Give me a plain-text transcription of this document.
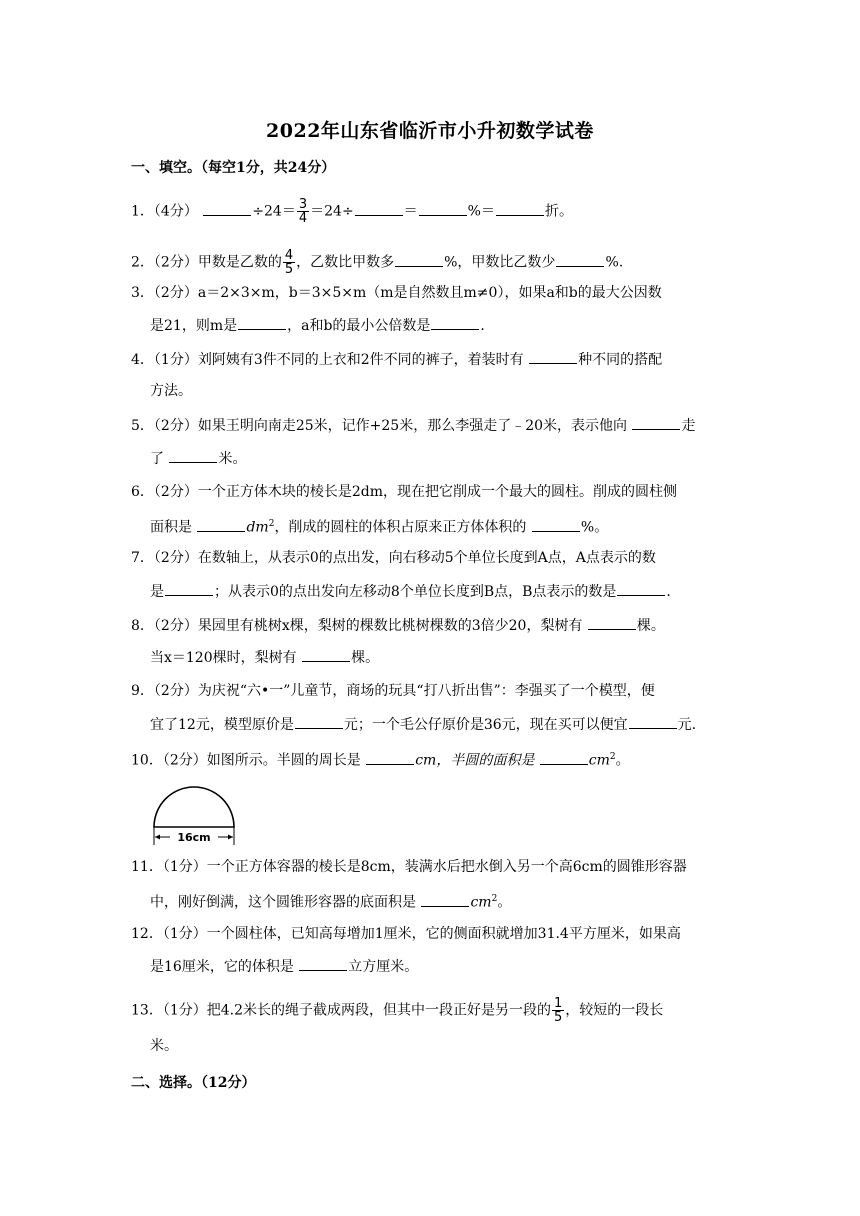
2022年山东省临沂市小升初数学试卷
一、填空。（每空1分，共24分）
1．（4分）	$\div 24= \frac{3}{4} =24\div$	＝	%＝	折。
2．（2分）甲数是乙数的 $\frac{4}{5}$ ，乙数比甲数多	%，甲数比乙数少	%.
3．（2分）a＝2×3×m，b＝3×5×m（m是自然数且m≠0），如果a和b的最大公因数
是21，则m是	，a和b的最小公倍数是	.
4．（1分）刘阿姨有3件不同的上衣和2件不同的裤子，着装时有	种不同的搭配
方法。
5．（2分）如果王明向南走25米，记作+25米，那么李强走了﹣20米，表示他向	走
了	米。
6．（2分）一个正方体木块的棱长是2dm，现在把它削成一个最大的圆柱。削成的圆柱侧
面积是	$dm^2$，削成的圆柱的体积占原来正方体体积的	%。
7．（2分）在数轴上，从表示0的点出发，向右移动5个单位长度到A点，A点表示的数
是	；从表示0的点出发向左移动8个单位长度到B点，B点表示的数是	.
8．（2分）果园里有桃树x棵，梨树的棵数比桃树棵数的3倍少20，梨树有	棵。
当x＝120棵时，梨树有	棵。
9．（2分）为庆祝“六•一”儿童节，商场的玩具“打八折出售”：李强买了一个模型，便
宜了12元，模型原价是	元；一个毛公仔原价是36元，现在买可以便宜	元.
10．（2分）如图所示。半圆的周长是	cm，半圆的面积是	$cm^2$。
16cm
11．（1分）一个正方体容器的棱长是8cm，装满水后把水倒入另一个高6cm的圆锥形容器
中，刚好倒满，这个圆锥形容器的底面积是	$cm^2$。
12．（1分）一个圆柱体，已知高每增加1厘米，它的侧面积就增加31.4平方厘米，如果高
是16厘米，它的体积是	立方厘米。
13．（1分）把4.2米长的绳子截成两段，但其中一段正好是另一段的 $\frac{1}{5}$ ，较短的一段长
米。
二、选择。（12分）
